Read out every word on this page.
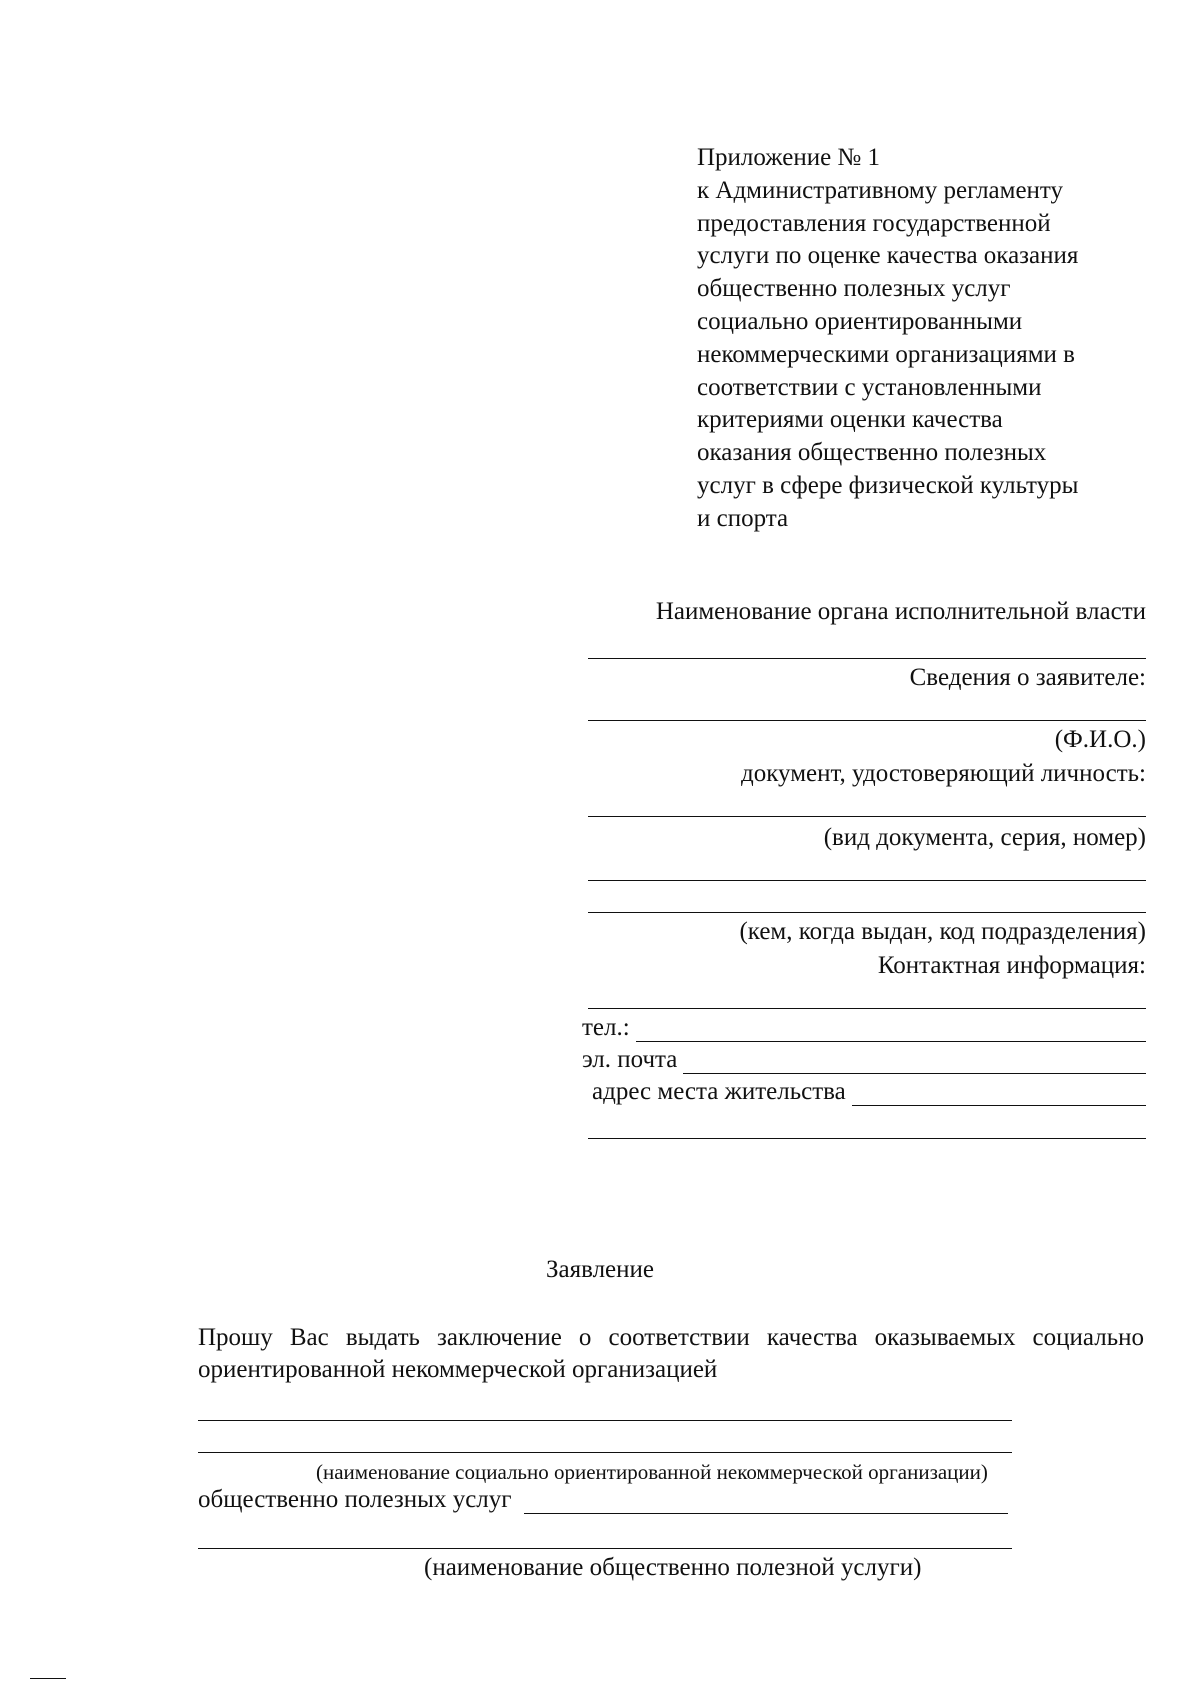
Приложение № 1
к Административному регламенту
предоставления государственной
услуги по оценке качества оказания
общественно полезных услуг
социально ориентированными
некоммерческими организациями в
соответствии с установленными
критериями оценки качества
оказания общественно полезных
услуг в сфере физической культуры
и спорта
Наименование органа исполнительной власти
Сведения о заявителе:
(Ф.И.О.)
документ, удостоверяющий личность:
(вид документа, серия, номер)
(кем, когда выдан, код подразделения)
Контактная информация:
тел.:
эл. почта
адрес места жительства
Заявление
Прошу Вас выдать заключение о соответствии качества оказываемых социально ориентированной некоммерческой организацией
(наименование социально ориентированной некоммерческой организации)
общественно полезных услуг
(наименование общественно полезной услуги)
